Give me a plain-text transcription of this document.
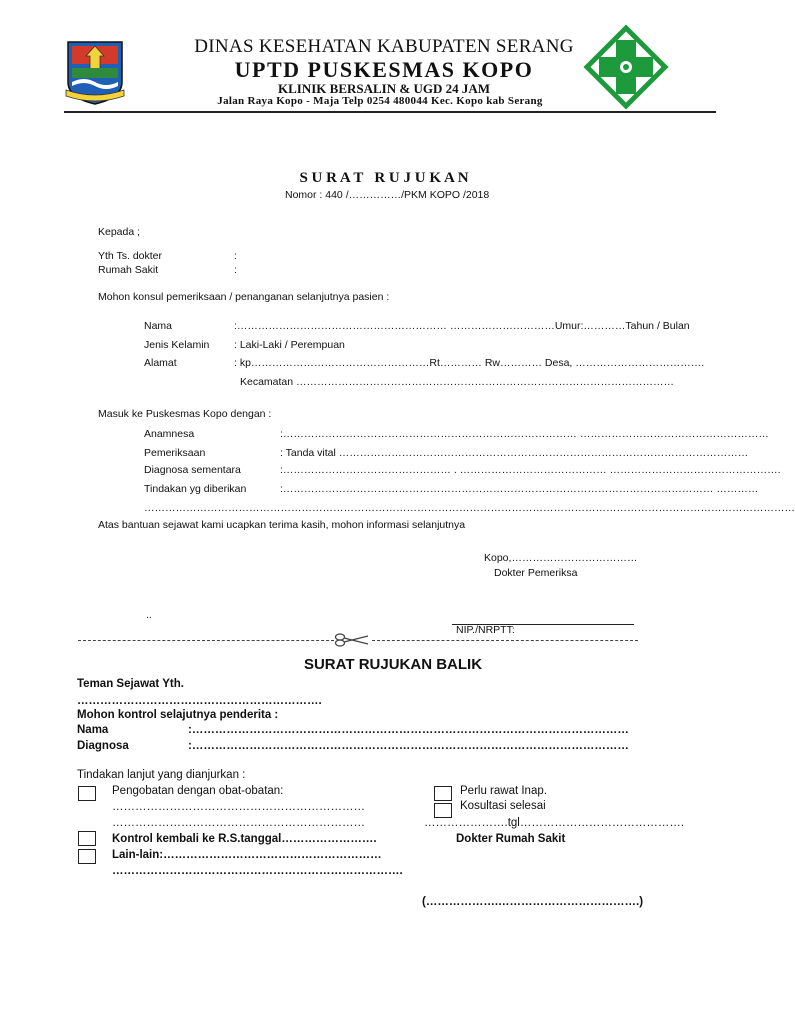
DINAS KESEHATAN KABUPATEN SERANG
UPTD PUSKESMAS KOPO
KLINIK BERSALIN & UGD 24 JAM
Jalan Raya Kopo - Maja Telp 0254 480044 Kec. Kopo kab Serang
S U R A T   R U J U K A N
Nomor : 440 /……………/PKM KOPO /2018
Kepada ;
Yth Ts. dokter	:
Rumah Sakit	:
Mohon konsul pemeriksaan / penanganan selanjutnya pasien :
Nama	:…………………………………………………… …………………………Umur:…………Tahun / Bulan
Jenis Kelamin : Laki-Laki / Perempuan
Alamat	: kp……………………………………………Rt………… Rw………… Desa, ……………………………….
Kecamatan ………………………………………………………………………………………………
Masuk ke Puskesmas Kopo dengan :
Anamnesa	:………………………………………………………………………… ………………………………………………
Pemeriksaan	: Tanda vital ………………………………………………………………………………………………………
Diagnosa sementara	:………………………………………… . …………………………………… ………………………………………….
Tindakan yg diberikan	:…………………………………………………………………………………………………………… …………
……………………………………………………………………………………………………………………………………………………………………
Atas bantuan sejawat kami ucapkan terima kasih, mohon informasi selanjutnya
Kopo,………………………………
Dokter Pemeriksa
..
NIP./NRPTT:
SURAT RUJUKAN BALIK
Teman Sejawat Yth.
……………………………………………………….
Mohon kontrol selajutnya penderita :
Nama	:……………………………………………………………………………………………………
Diagnosa	:……………………………………………………………………………………………………
Tindakan lanjut yang dianjurkan :
Pengobatan dengan obat-obatan:
…………………………………………………………
…………………………………………………………
Perlu rawat Inap.
Kosultasi selesai
………………….tgl…………………………………….
Kontrol kembali ke R.S.tanggal…………………….	Dokter Rumah Sakit
Lain-lain:…………………………………………………
………………………………………………………………….
(……………….……………………………….)
